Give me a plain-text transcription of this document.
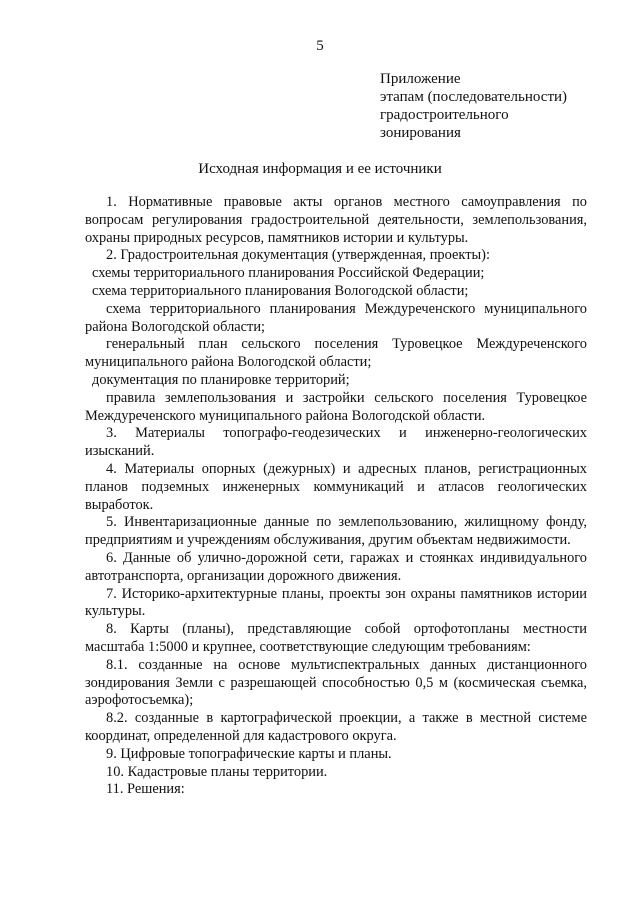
5
Приложение
этапам (последовательности)
градостроительного
зонирования
Исходная информация и ее источники

1. Нормативные правовые акты органов местного самоуправления по вопросам регулирования градостроительной деятельности, землепользования, охраны природных ресурсов, памятников истории и культуры.

2. Градостроительная документация (утвержденная, проекты):

схемы территориального планирования Российской Федерации;

схема территориального планирования Вологодской области;

схема территориального планирования Междуреченского муниципального района Вологодской области;

генеральный план сельского поселения Туровецкое Междуреченского муниципального района Вологодской области;

документация по планировке территорий;

правила землепользования и застройки сельского поселения Туровецкое Междуреченского муниципального района Вологодской области.

3. Материалы топографо-геодезических и инженерно-геологических изысканий.

4. Материалы опорных (дежурных) и адресных планов, регистрационных планов подземных инженерных коммуникаций и атласов геологических выработок.

5. Инвентаризационные данные по землепользованию, жилищному фонду, предприятиям и учреждениям обслуживания, другим объектам недвижимости.

6. Данные об улично-дорожной сети, гаражах и стоянках индивидуального автотранспорта, организации дорожного движения.

7. Историко-архитектурные планы, проекты зон охраны памятников истории культуры.

8. Карты (планы), представляющие собой ортофотопланы местности масштаба 1:5000 и крупнее, соответствующие следующим требованиям:

8.1. созданные на основе мультиспектральных данных дистанционного зондирования Земли с разрешающей способностью 0,5 м (космическая съемка, аэрофотосъемка);

8.2. созданные в картографической проекции, а также в местной системе координат, определенной для кадастрового округа.

9. Цифровые топографические карты и планы.

10. Кадастровые планы территории.

11. Решения:
